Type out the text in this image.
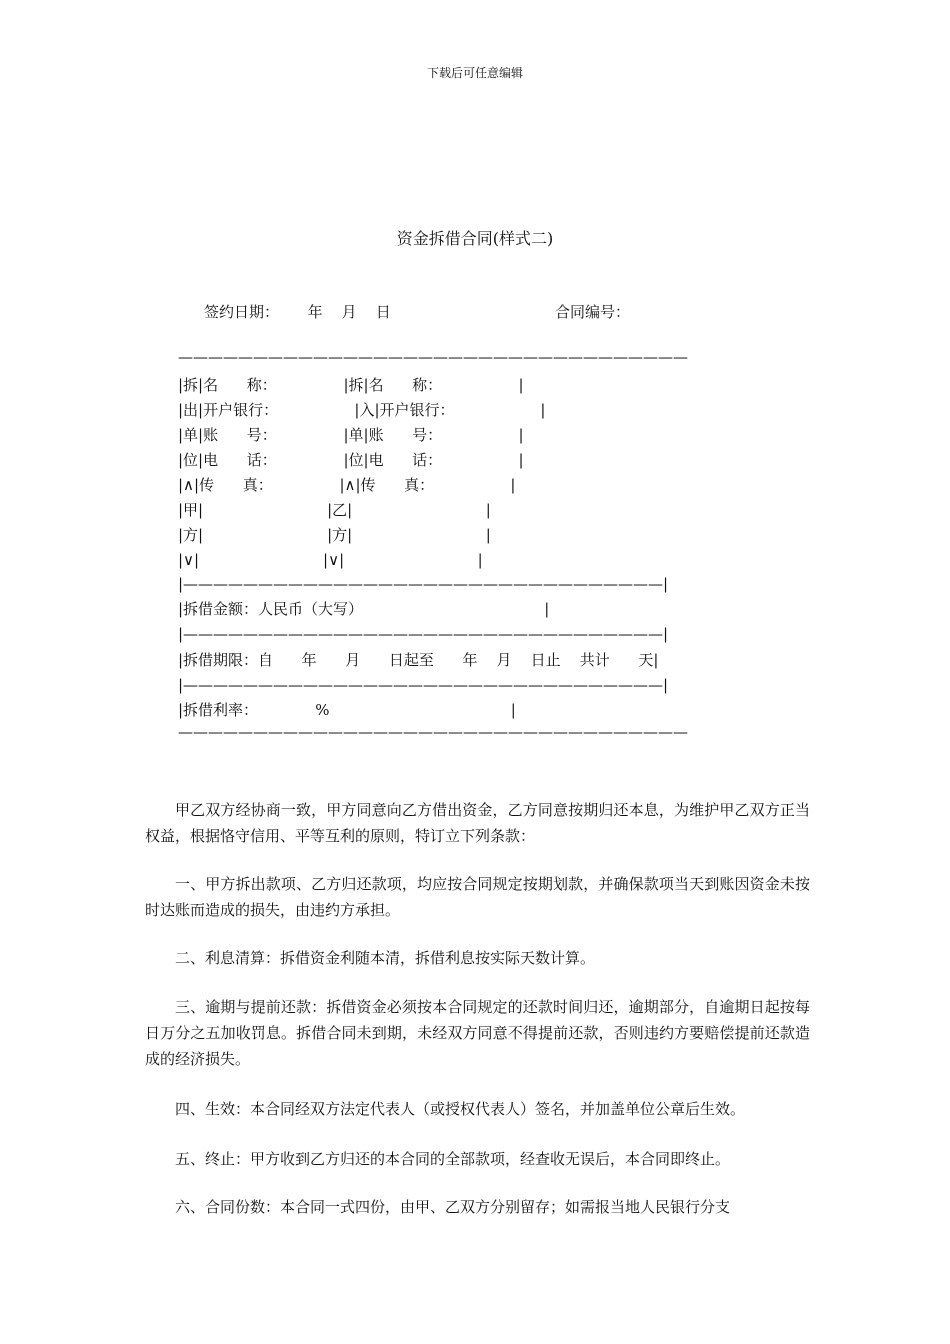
下载后可任意编辑
资金拆借合同(样式二)
签约日期：      年    月    日	合同编号：
——————————————————————————————————
|拆|名      称：              |拆|名      称：                |
|出|开户银行：                |入|开户银行：                  |
|单|账      号：              |单|账      号：                |
|位|电      话：              |位|电      话：                |
|∧|传      真：              |∧|传      真：                |
|甲|                          |乙|                            |
|方|                          |方|                            |
|∨|                          |∨|                            |
|————————————————————————————————|
|拆借金额：人民币（大写）                                      |
|————————————————————————————————|
|拆借期限：自      年      月      日起至      年    月    日止    共计      天|
|————————————————————————————————|
|拆借利率：            %                                      |
——————————————————————————————————

甲乙双方经协商一致，甲方同意向乙方借出资金，乙方同意按期归还本息，为维护甲乙双方正当权益，根据恪守信用、平等互利的原则，特订立下列条款：

一、甲方拆出款项、乙方归还款项，均应按合同规定按期划款，并确保款项当天到账因资金未按时达账而造成的损失，由违约方承担。

二、利息清算：拆借资金利随本清，拆借利息按实际天数计算。

三、逾期与提前还款：拆借资金必须按本合同规定的还款时间归还，逾期部分，自逾期日起按每日万分之五加收罚息。拆借合同未到期，未经双方同意不得提前还款，否则违约方要赔偿提前还款造成的经济损失。

四、生效：本合同经双方法定代表人（或授权代表人）签名，并加盖单位公章后生效。

五、终止：甲方收到乙方归还的本合同的全部款项，经查收无误后，本合同即终止。

六、合同份数：本合同一式四份，由甲、乙双方分别留存；如需报当地人民银行分支
